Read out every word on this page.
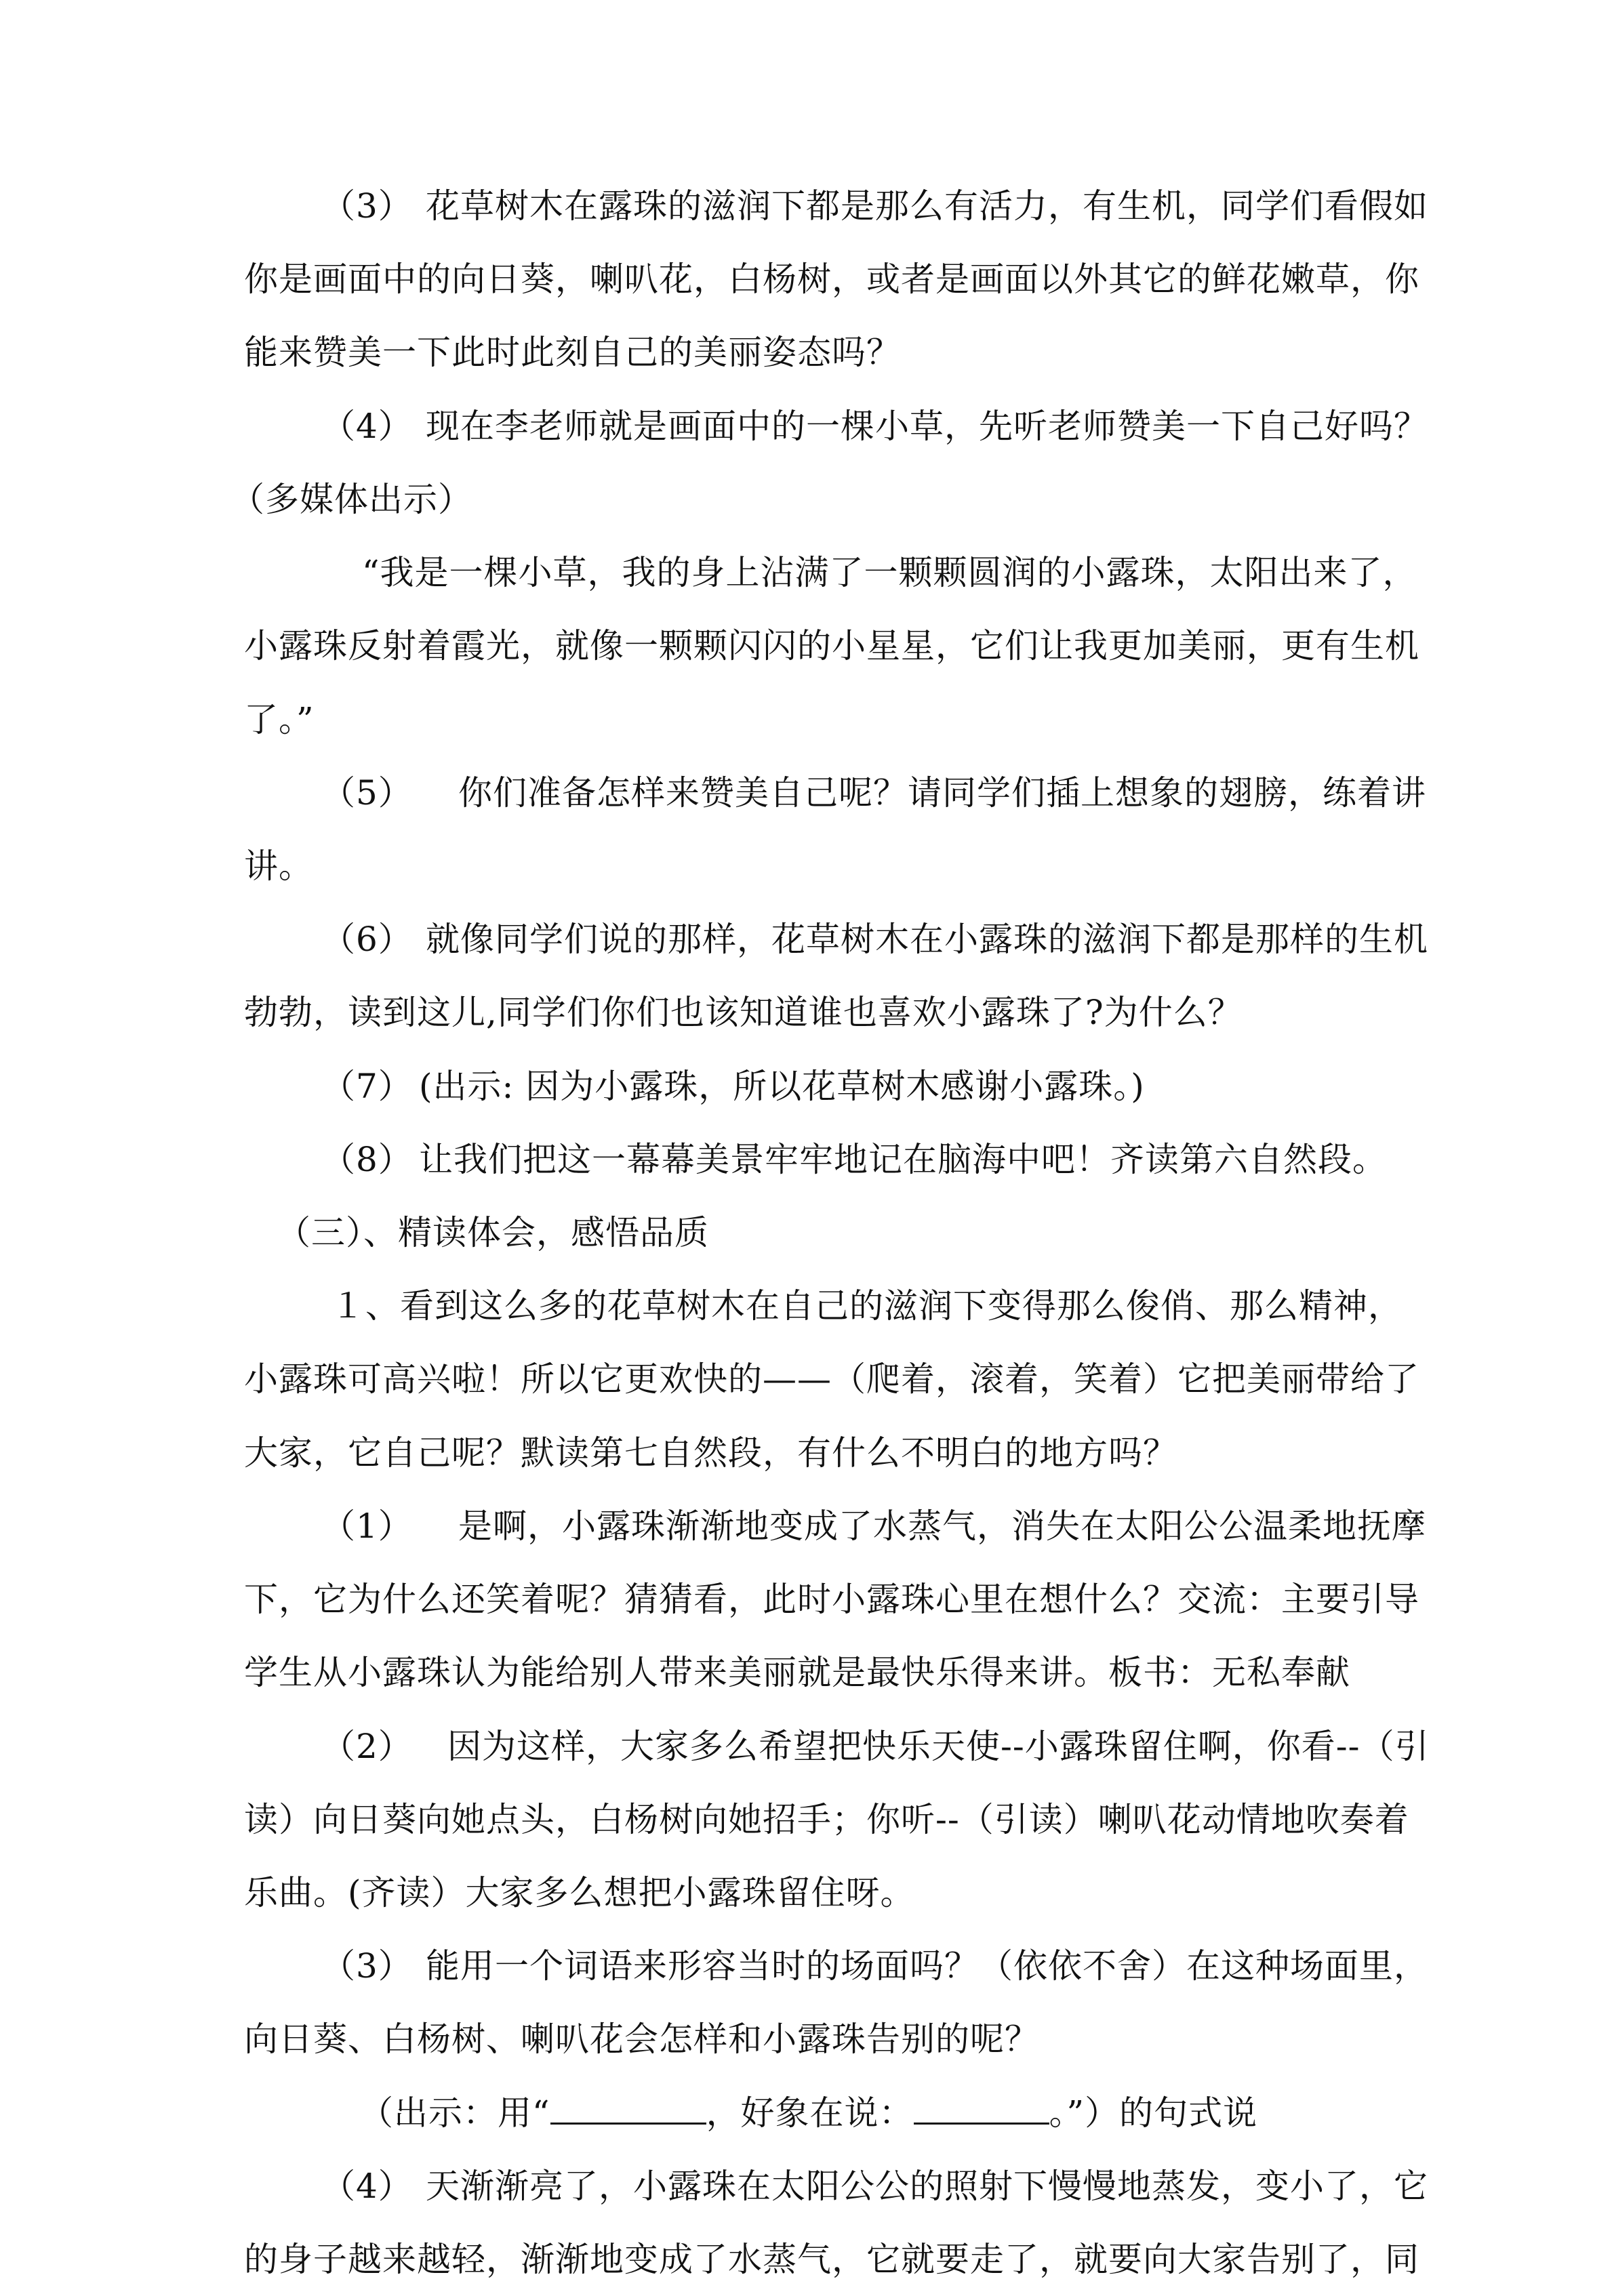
（3） 花草树木在露珠的滋润下都是那么有活力，有生机，同学们看假如
你是画面中的向日葵，喇叭花，白杨树，或者是画面以外其它的鲜花嫩草，你
能来赞美一下此时此刻自己的美丽姿态吗？
（4） 现在李老师就是画面中的一棵小草，先听老师赞美一下自己好吗？
（多媒体出示）
“我是一棵小草，我的身上沾满了一颗颗圆润的小露珠，太阳出来了，
小露珠反射着霞光，就像一颗颗闪闪的小星星，它们让我更加美丽，更有生机
了。”
（5） 你们准备怎样来赞美自己呢？请同学们插上想象的翅膀，练着讲
讲。
（6） 就像同学们说的那样，花草树木在小露珠的滋润下都是那样的生机
勃勃，读到这儿,同学们你们也该知道谁也喜欢小露珠了?为什么？
（7） (出示: 因为小露珠，所以花草树木感谢小露珠。)
（8） 让我们把这一幕幕美景牢牢地记在脑海中吧！齐读第六自然段。
（三）、精读体会，感悟品质
１、看到这么多的花草树木在自己的滋润下变得那么俊俏、那么精神，
小露珠可高兴啦！所以它更欢快的——（爬着，滚着，笑着）它把美丽带给了
大家，它自己呢？默读第七自然段，有什么不明白的地方吗？
（1） 是啊，小露珠渐渐地变成了水蒸气，消失在太阳公公温柔地抚摩
下，它为什么还笑着呢？猜猜看，此时小露珠心里在想什么？交流：主要引导
学生从小露珠认为能给别人带来美丽就是最快乐得来讲。板书：无私奉献
（2） 因为这样，大家多么希望把快乐天使--小露珠留住啊，你看--（引
读）向日葵向她点头，白杨树向她招手；你听--（引读）喇叭花动情地吹奏着
乐曲。(齐读）大家多么想把小露珠留住呀。
（3） 能用一个词语来形容当时的场面吗？（依依不舍）在这种场面里，
向日葵、白杨树、喇叭花会怎样和小露珠告别的呢？
（出示：用“	，好象在说：	。”）的句式说
（4） 天渐渐亮了，小露珠在太阳公公的照射下慢慢地蒸发，变小了，它
的身子越来越轻，渐渐地变成了水蒸气，它就要走了，就要向大家告别了，同
